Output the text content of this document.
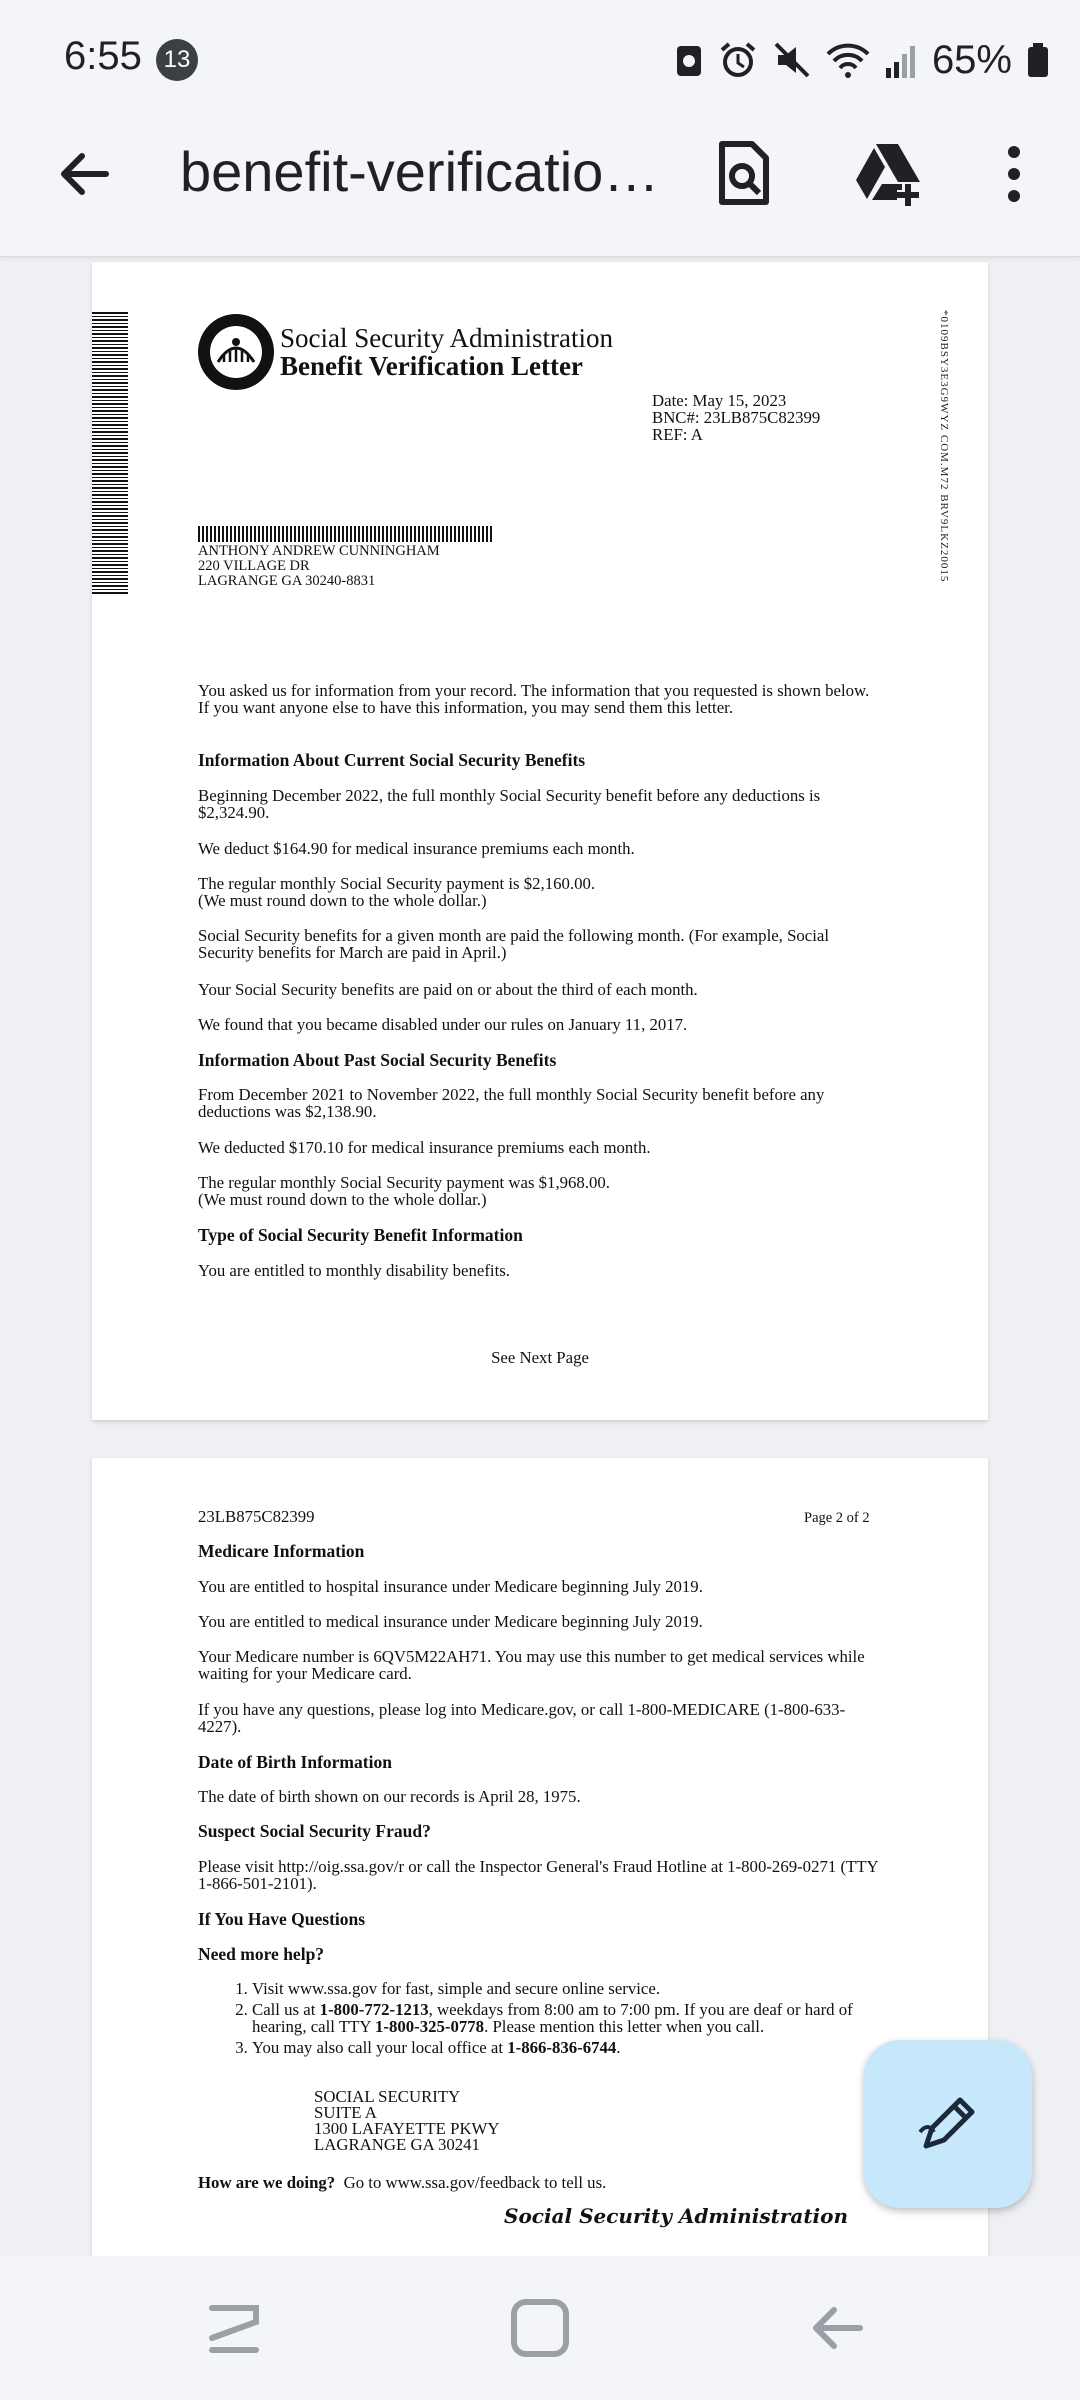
6:55 13	65%
benefit-verificatio…
Social Security Administration
Benefit Verification Letter
Date: May 15, 2023
BNC#: 23LB875C82399
REF: A	*0109BSY3E3G9WYZ COM.M72 BRV9LKZ20015
ANTHONY ANDREW CUNNINGHAM
220 VILLAGE DR
LAGRANGE GA 30240-8831
You asked us for information from your record. The information that you requested is shown below. If you want anyone else to have this information, you may send them this letter.
Information About Current Social Security Benefits
Beginning December 2022, the full monthly Social Security benefit before any deductions is $2,324.90.
We deduct $164.90 for medical insurance premiums each month.
The regular monthly Social Security payment is $2,160.00.
(We must round down to the whole dollar.)
Social Security benefits for a given month are paid the following month. (For example, Social Security benefits for March are paid in April.)
Your Social Security benefits are paid on or about the third of each month.
We found that you became disabled under our rules on January 11, 2017.
Information About Past Social Security Benefits
From December 2021 to November 2022, the full monthly Social Security benefit before any deductions was $2,138.90.
We deducted $170.10 for medical insurance premiums each month.
The regular monthly Social Security payment was $1,968.00.
(We must round down to the whole dollar.)
Type of Social Security Benefit Information
You are entitled to monthly disability benefits.
See Next Page
23LB875C82399	Page 2 of 2
Medicare Information
You are entitled to hospital insurance under Medicare beginning July 2019.
You are entitled to medical insurance under Medicare beginning July 2019.
Your Medicare number is 6QV5M22AH71. You may use this number to get medical services while waiting for your Medicare card.
If you have any questions, please log into Medicare.gov, or call 1-800-MEDICARE (1-800-633-4227).
Date of Birth Information
The date of birth shown on our records is April 28, 1975.
Suspect Social Security Fraud?
Please visit http://oig.ssa.gov/r or call the Inspector General's Fraud Hotline at 1-800-269-0271 (TTY 1-866-501-2101).
If You Have Questions
Need more help?
1. Visit www.ssa.gov for fast, simple and secure online service.
2. Call us at 1-800-772-1213, weekdays from 8:00 am to 7:00 pm. If you are deaf or hard of hearing, call TTY 1-800-325-0778. Please mention this letter when you call.
3. You may also call your local office at 1-866-836-6744.
SOCIAL SECURITY
SUITE A
1300 LAFAYETTE PKWY
LAGRANGE GA 30241
How are we doing? Go to www.ssa.gov/feedback to tell us.
Social Security Administration
